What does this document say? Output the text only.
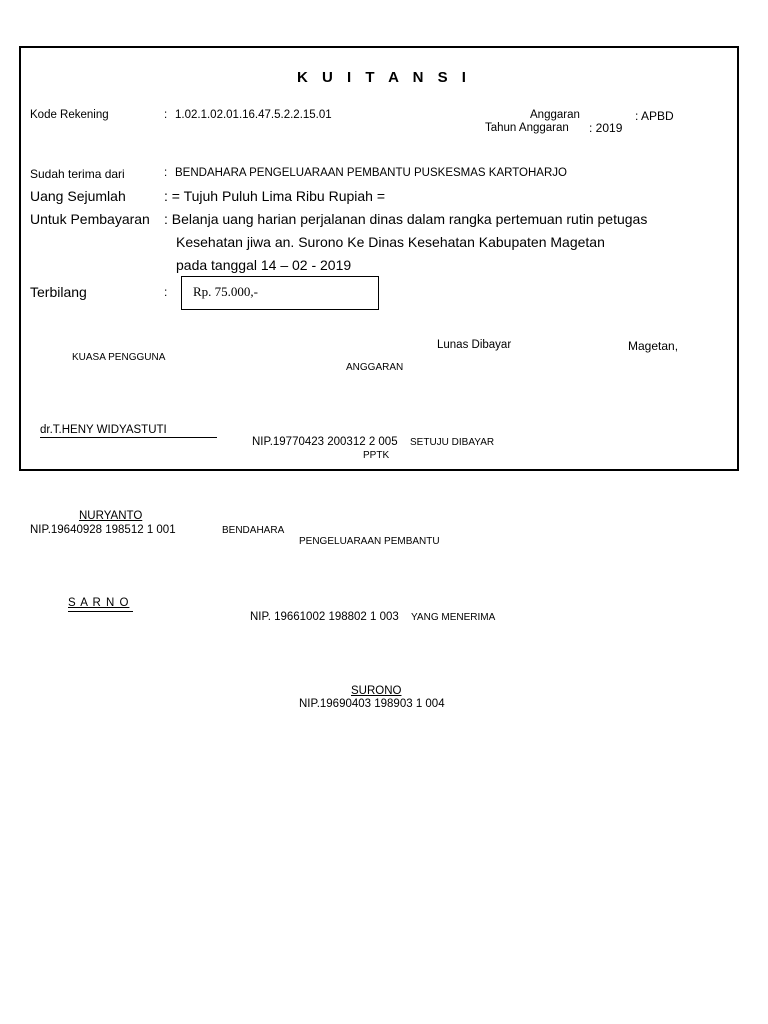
K U I T A N S I
Kode Rekening	: 1.02.1.02.01.16.47.5.2.2.15.01	Anggaran	: APBD
Tahun Anggaran : 2019
Sudah terima dari	: BENDAHARA PENGELUARAAN PEMBANTU PUSKESMAS KARTOHARJO
Uang Sejumlah	: = Tujuh Puluh Lima Ribu Rupiah =
Untuk Pembayaran : Belanja uang harian perjalanan dinas dalam rangka pertemuan rutin petugas
Kesehatan jiwa an. Surono Ke Dinas Kesehatan Kabupaten Magetan
pada tanggal 14 – 02 - 2019
Terbilang	: Rp. 75.000,-
Lunas Dibayar	Magetan,
KUASA PENGGUNA
ANGGARAN
dr.T.HENY WIDYASTUTI
NIP.19770423 200312 2 005 SETUJU DIBAYAR
PPTK
NURYANTO
NIP.19640928 198512 1 001	BENDAHARA
PENGELUARAAN PEMBANTU
S A R N O
NIP. 19661002 198802 1 003 YANG MENERIMA
SURONO
NIP.19690403 198903 1 004
